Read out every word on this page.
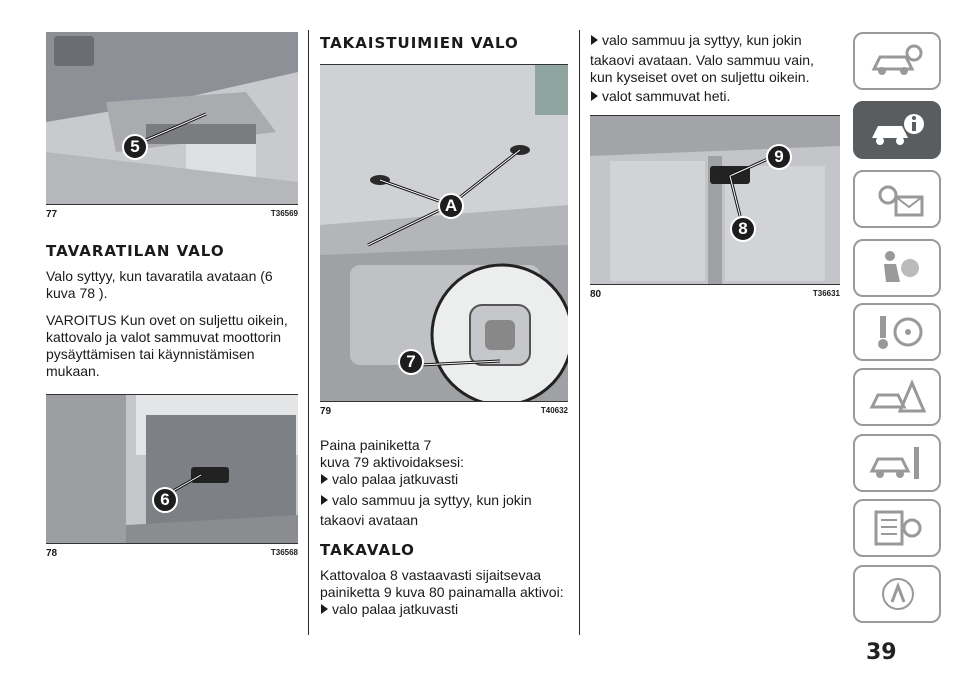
5
77	T36569
TAVARATILAN VALO

Valo syttyy, kun tavaratila avataan (6 kuva 78 ).

VAROITUS Kun ovet on suljettu oikein, kattovalo ja valot sammuvat moottorin pysäyttämisen tai käynnistämisen mukaan.

6
78	T36568
TAKAISTUIMIEN VALO
A
7
79	T40632

Paina painiketta 7

kuva 79 aktivoidaksesi:

valo palaa jatkuvasti
valo sammuu ja syttyy, kun jokin

takaovi avataan

TAKAVALO

Kattovaloa 8 vastaavasti sijaitsevaa painiketta 9 kuva 80 painamalla aktivoi:

valo palaa jatkuvasti
valo sammuu ja syttyy, kun jokin

takaovi avataan. Valo sammuu vain, kun kyseiset ovet on suljettu oikein.

valot sammuvat heti.
9
8
80	T36631
39
